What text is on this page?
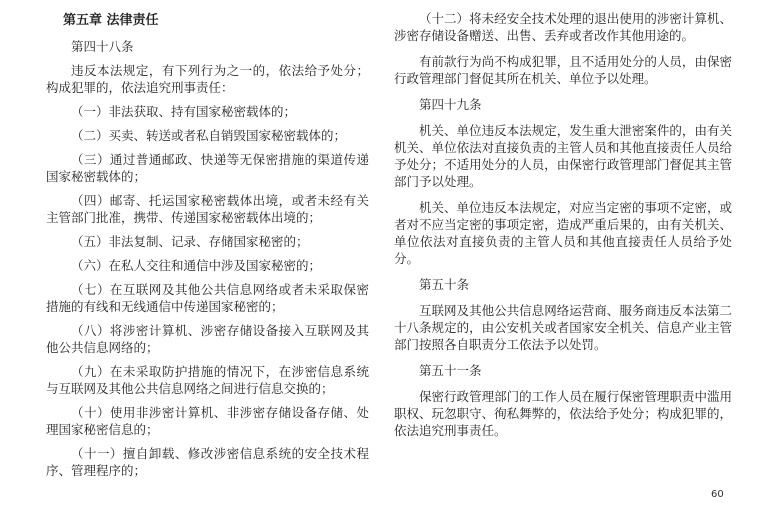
第五章 法律责任
第四十八条
违反本法规定，有下列行为之一的，依法给予处分；构成犯罪的，依法追究刑事责任：
（一）非法获取、持有国家秘密载体的；
（二）买卖、转送或者私自销毁国家秘密载体的；
（三）通过普通邮政、快递等无保密措施的渠道传递国家秘密载体的；
（四）邮寄、托运国家秘密载体出境，或者未经有关主管部门批准，携带、传递国家秘密载体出境的；
（五）非法复制、记录、存储国家秘密的；
（六）在私人交往和通信中涉及国家秘密的；
（七）在互联网及其他公共信息网络或者未采取保密措施的有线和无线通信中传递国家秘密的；
（八）将涉密计算机、涉密存储设备接入互联网及其他公共信息网络的；
（九）在未采取防护措施的情况下，在涉密信息系统与互联网及其他公共信息网络之间进行信息交换的；
（十）使用非涉密计算机、非涉密存储设备存储、处理国家秘密信息的；
（十一）擅自卸载、修改涉密信息系统的安全技术程序、管理程序的；
（十二）将未经安全技术处理的退出使用的涉密计算机、涉密存储设备赠送、出售、丢弃或者改作其他用途的。
有前款行为尚不构成犯罪，且不适用处分的人员，由保密行政管理部门督促其所在机关、单位予以处理。
第四十九条
机关、单位违反本法规定，发生重大泄密案件的，由有关机关、单位依法对直接负责的主管人员和其他直接责任人员给予处分；不适用处分的人员，由保密行政管理部门督促其主管部门予以处理。
机关、单位违反本法规定，对应当定密的事项不定密，或者对不应当定密的事项定密，造成严重后果的，由有关机关、单位依法对直接负责的主管人员和其他直接责任人员给予处分。
第五十条
互联网及其他公共信息网络运营商、服务商违反本法第二十八条规定的，由公安机关或者国家安全机关、信息产业主管部门按照各自职责分工依法予以处罚。
第五十一条
保密行政管理部门的工作人员在履行保密管理职责中滥用职权、玩忽职守、徇私舞弊的，依法给予处分；构成犯罪的，依法追究刑事责任。
60
